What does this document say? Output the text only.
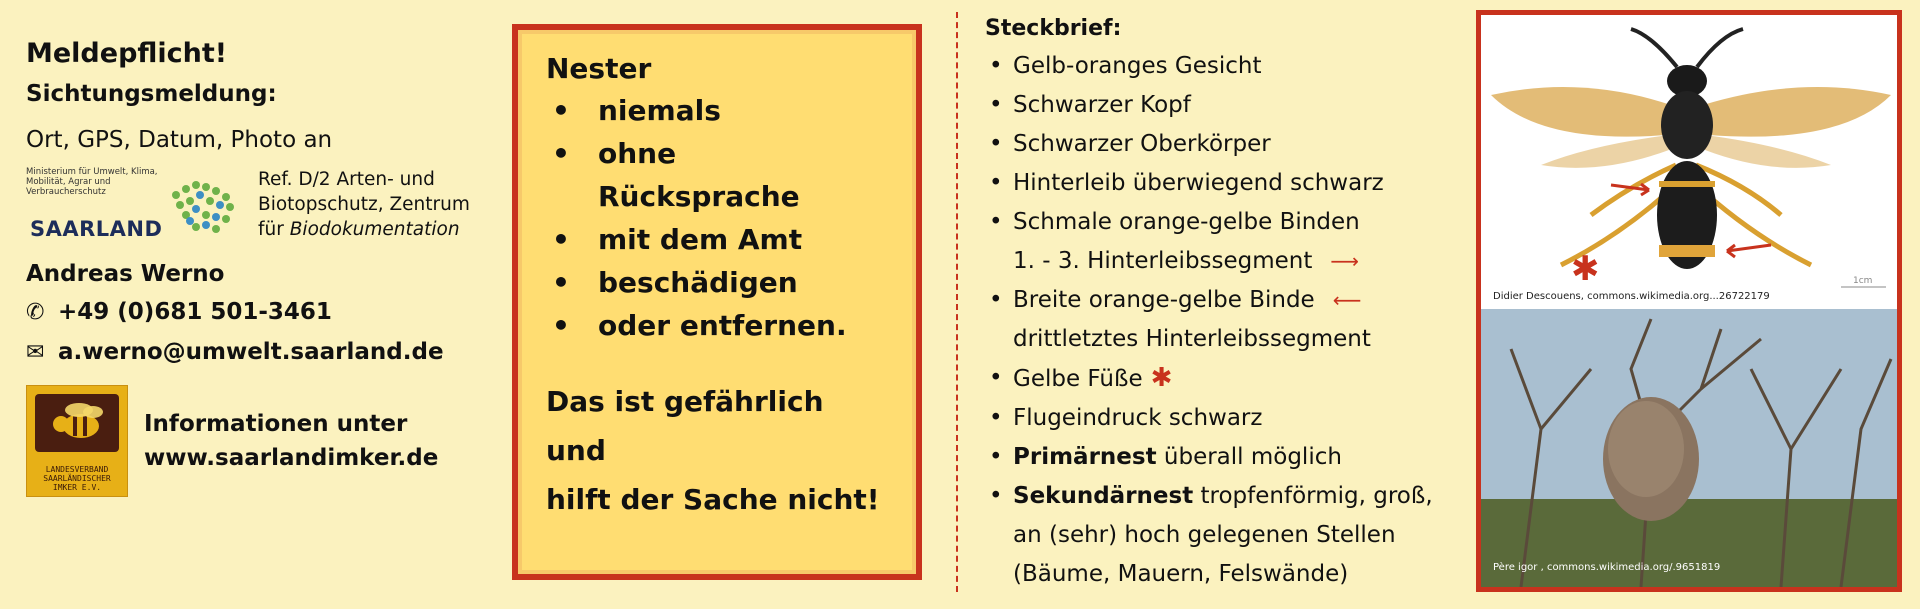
Meldepflicht!
Sichtungsmeldung:
Ort, GPS, Datum, Photo an
Ministerium für Umwelt, Klima, Mobilität, Agrar und Verbraucherschutz
SAARLAND
Ref. D/2 Arten- und
Biotopschutz, Zentrum
für Biodokumentation
Andreas Werno
✆ +49 (0)681 501-3461
✉ a.werno@umwelt.saarland.de
LANDESVERBAND SAARLÄNDISCHER IMKER E.V.
Informationen unter
www.saarlandimker.de
Nester
• niemals
• ohne
Rücksprache
• mit dem Amt
• beschädigen
• oder entfernen.
Das ist gefährlich
und
hilft der Sache nicht!
Steckbrief:
• Gelb-oranges Gesicht
• Schwarzer Kopf
• Schwarzer Oberkörper
• Hinterleib überwiegend schwarz
• Schmale orange-gelbe Binden
1. - 3. Hinterleibssegment ⟶
• Breite orange-gelbe Binde ⟵
drittletztes Hinterleibssegment
• Gelbe Füße ✱
• Flugeindruck schwarz
• Primärnest überall möglich
• Sekundärnest tropfenförmig, groß,
an (sehr) hoch gelegenen Stellen
(Bäume, Mauern, Felswände)
✱	1cm
Didier Descouens, commons.wikimedia.org...26722179
Père igor , commons.wikimedia.org/.9651819
